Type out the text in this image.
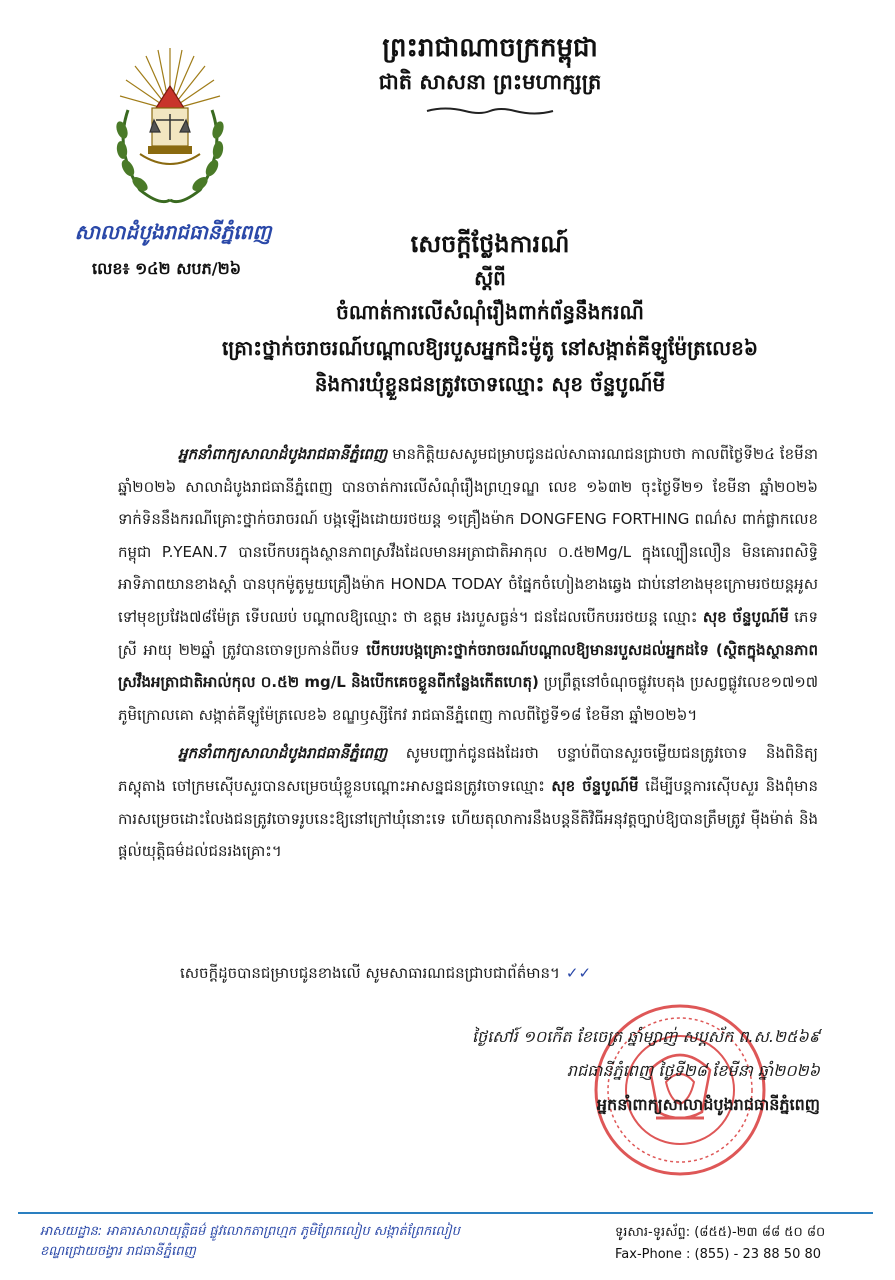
ព្រះរាជាណាចក្រកម្ពុជា
ជាតិ សាសនា ព្រះមហាក្សត្រ
សាលាដំបូងរាជធានីភ្នំពេញ
លេខ៖ ១៤២ សបភ/២៦
សេចក្តីថ្លែងការណ៍
ស្តីពី
ចំណាត់ការលើសំណុំរឿងពាក់ព័ន្ធនឹងករណី
គ្រោះថ្នាក់ចរាចរណ៍បណ្តាលឱ្យរបួសអ្នកជិះម៉ូតូ នៅសង្កាត់គីឡូម៉ែត្រលេខ៦
និងការឃុំខ្លួនជនត្រូវចោទឈ្មោះ សុខ ច័ន្ទបូណ៍មី

អ្នកនាំពាក្យសាលាដំបូងរាជធានីភ្នំពេញ មានកិត្តិយសសូមជម្រាបជូនដល់សាធារណជនជ្រាបថា កាលពីថ្ងៃទី២៤ ខែមីនា ឆ្នាំ២០២៦ សាលាដំបូងរាជធានីភ្នំពេញ បានចាត់ការលើសំណុំរឿងព្រហ្មទណ្ឌ លេខ ១៦៣២ ចុះថ្ងៃទី២១ ខែមីនា ឆ្នាំ២០២៦ ទាក់ទិននឹងករណីគ្រោះថ្នាក់ចរាចរណ៍ បង្កឡើងដោយរថយន្ត ១គ្រឿងម៉ាក DONGFENG FORTHING ពណ៌ស ពាក់ផ្លាកលេខ កម្ពុជា P.YEAN.7 បានបើកបរក្នុងស្ថានភាពស្រវឹងដែលមានអត្រាជាតិអាកុល ០.៥២Mg/L ក្នុងល្បឿនលឿន មិនគោរពសិទ្ធិអាទិភាពយានខាងស្តាំ បានបុកម៉ូតូមួយគ្រឿងម៉ាក HONDA TODAY ចំផ្នែកចំហៀងខាងឆ្វេង ជាប់នៅខាងមុខក្រោមរថយន្តអូសទៅមុខប្រវែង៧៨ម៉ែត្រ ទើបឈប់ បណ្តាលឱ្យឈ្មោះ ថា ឧត្តម រងរបួសធ្ងន់។ ជនដែលបើកបររថយន្ត ឈ្មោះ សុខ ច័ន្ទបូណ៍មី ភេទស្រី អាយុ ២២ឆ្នាំ ត្រូវបានចោទប្រកាន់ពីបទ បើកបរបង្កគ្រោះថ្នាក់ចរាចរណ៍បណ្តាលឱ្យមានរបួសដល់អ្នកដទៃ (ស្ថិតក្នុងស្ថានភាពស្រវឹងអត្រាជាតិអាល់កុល ០.៥២ mg/L និងបើកគេចខ្លួនពីកន្លែងកើតហេតុ) ប្រព្រឹត្តនៅចំណុចផ្លូវបេតុង ប្រសព្វផ្លូវលេខ១៧១៧ ភូមិក្រោលគោ សង្កាត់គីឡូម៉ែត្រលេខ៦ ខណ្ឌឫស្សីកែវ រាជធានីភ្នំពេញ កាលពីថ្ងៃទី១៨ ខែមីនា ឆ្នាំ២០២៦។

អ្នកនាំពាក្យសាលាដំបូងរាជធានីភ្នំពេញ សូមបញ្ជាក់ជូនផងដែរថា បន្ទាប់ពីបានសួរចម្លើយជនត្រូវចោទ និងពិនិត្យភស្តុតាង ចៅក្រមស៊ើបសួរបានសម្រេចឃុំខ្លួនបណ្តោះអាសន្នជនត្រូវចោទឈ្មោះ សុខ ច័ន្ទបូណ៍មី ដើម្បីបន្តការស៊ើបសួរ និងពុំមានការសម្រេចដោះលែងជនត្រូវចោទរូបនេះឱ្យនៅក្រៅឃុំនោះទេ ហើយតុលាការនឹងបន្តនីតិវិធីអនុវត្តច្បាប់ឱ្យបានត្រឹមត្រូវ ម៉ឺងម៉ាត់ និងផ្តល់យុត្តិធម៌ដល់ជនរងគ្រោះ។

សេចក្តីដូចបានជម្រាបជូនខាងលើ សូមសាធារណជនជ្រាបជាព័ត៌មាន។ ✓✓
ថ្ងៃសៅរ៍ ១០កើត ខែចេត្រ ឆ្នាំម្សាញ់ សប្តស័ក ព.ស.២៥៦៩
រាជធានីភ្នំពេញ ថ្ងៃទី២៨ ខែមីនា ឆ្នាំ២០២៦
អ្នកនាំពាក្យសាលាដំបូងរាជធានីភ្នំពេញ
អាសយដ្ឋាន: អាគារសាលាយុត្តិធម៌ ផ្លូវលោកតាព្រហ្មក ភូមិព្រែកលៀប សង្កាត់ព្រែកលៀប
ខណ្ឌជ្រោយចង្វារ រាជធានីភ្នំពេញ
ទូរសារ-ទូរស័ព្ទ: (៨៥៥)-២៣ ៨៨ ៥០ ៨០
Fax-Phone : (855) - 23 88 50 80
